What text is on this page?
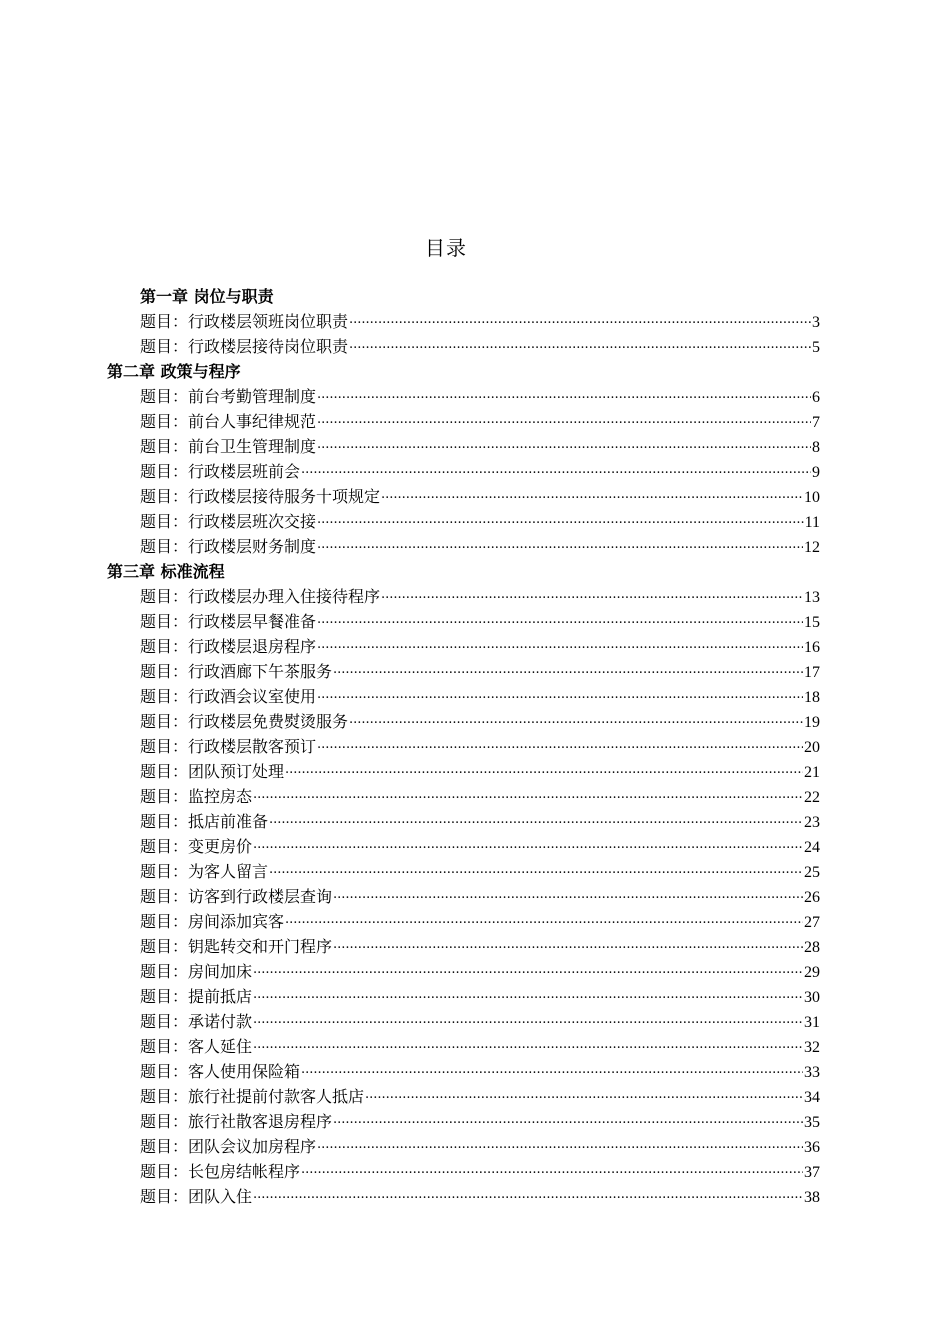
目录
第一章 岗位与职责
题目：行政楼层领班岗位职责 .....	3
题目：行政楼层接待岗位职责 .....	5
第二章 政策与程序
题目：前台考勤管理制度 .....	6
题目：前台人事纪律规范 .....	7
题目：前台卫生管理制度 .....	8
题目：行政楼层班前会 .....	9
题目：行政楼层接待服务十项规定 .....	10
题目：行政楼层班次交接 .....	11
题目：行政楼层财务制度 .....	12
第三章 标准流程
题目：行政楼层办理入住接待程序 .....	13
题目：行政楼层早餐准备 .....	15
题目：行政楼层退房程序 .....	16
题目：行政酒廊下午茶服务 .....	17
题目：行政酒会议室使用 .....	18
题目：行政楼层免费熨烫服务 .....	19
题目：行政楼层散客预订 .....	20
题目：团队预订处理 .....	21
题目：监控房态 .....	22
题目：抵店前准备 .....	23
题目：变更房价 .....	24
题目：为客人留言 .....	25
题目：访客到行政楼层查询 .....	26
题目：房间添加宾客 .....	27
题目：钥匙转交和开门程序 .....	28
题目：房间加床 .....	29
题目：提前抵店 .....	30
题目：承诺付款 .....	31
题目：客人延住 .....	32
题目：客人使用保险箱 .....	33
题目：旅行社提前付款客人抵店 .....	34
题目：旅行社散客退房程序 .....	35
题目：团队会议加房程序 .....	36
题目：长包房结帐程序 .....	37
题目：团队入住 .....	38
